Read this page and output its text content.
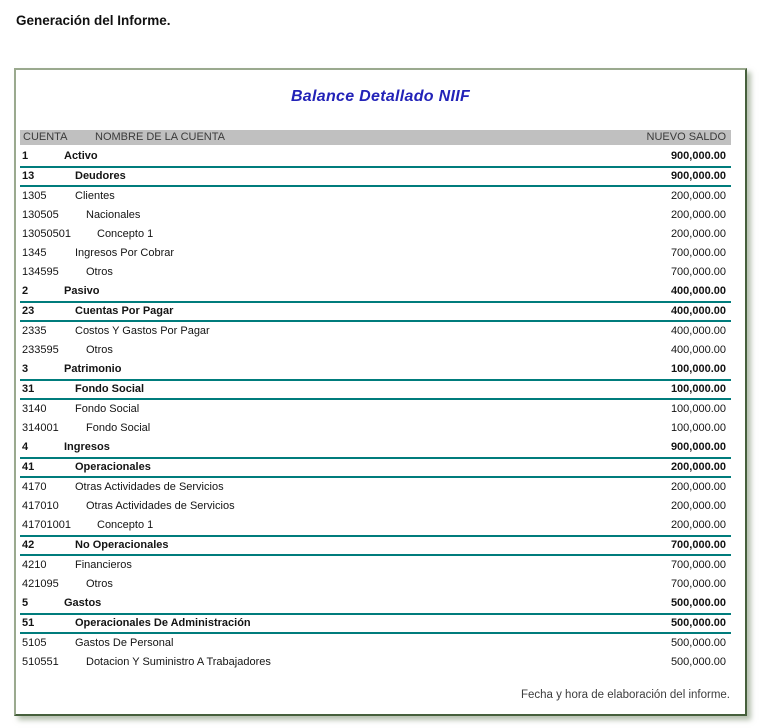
Generación del Informe.
Balance Detallado NIIF
CUENTA	NOMBRE DE LA CUENTA	NUEVO SALDO
1	Activo	900,000.00
13	Deudores	900,000.00
1305	Clientes	200,000.00
130505 Nacionales	200,000.00
13050501 Concepto 1	200,000.00
1345	Ingresos Por Cobrar	700,000.00
134595 Otros	700,000.00
2	Pasivo	400,000.00
23	Cuentas Por Pagar	400,000.00
2335	Costos Y Gastos Por Pagar	400,000.00
233595 Otros	400,000.00
3	Patrimonio	100,000.00
31	Fondo Social	100,000.00
3140	Fondo Social	100,000.00
314001 Fondo Social	100,000.00
4	Ingresos	900,000.00
41	Operacionales	200,000.00
4170	Otras Actividades de Servicios	200,000.00
417010 Otras Actividades de Servicios	200,000.00
41701001 Concepto 1	200,000.00
42	No Operacionales	700,000.00
4210	Financieros	700,000.00
421095 Otros	700,000.00
5	Gastos	500,000.00
51	Operacionales De Administración	500,000.00
5105	Gastos De Personal	500,000.00
510551 Dotacion Y Suministro A Trabajadores	500,000.00
Fecha y hora de elaboración del informe.
